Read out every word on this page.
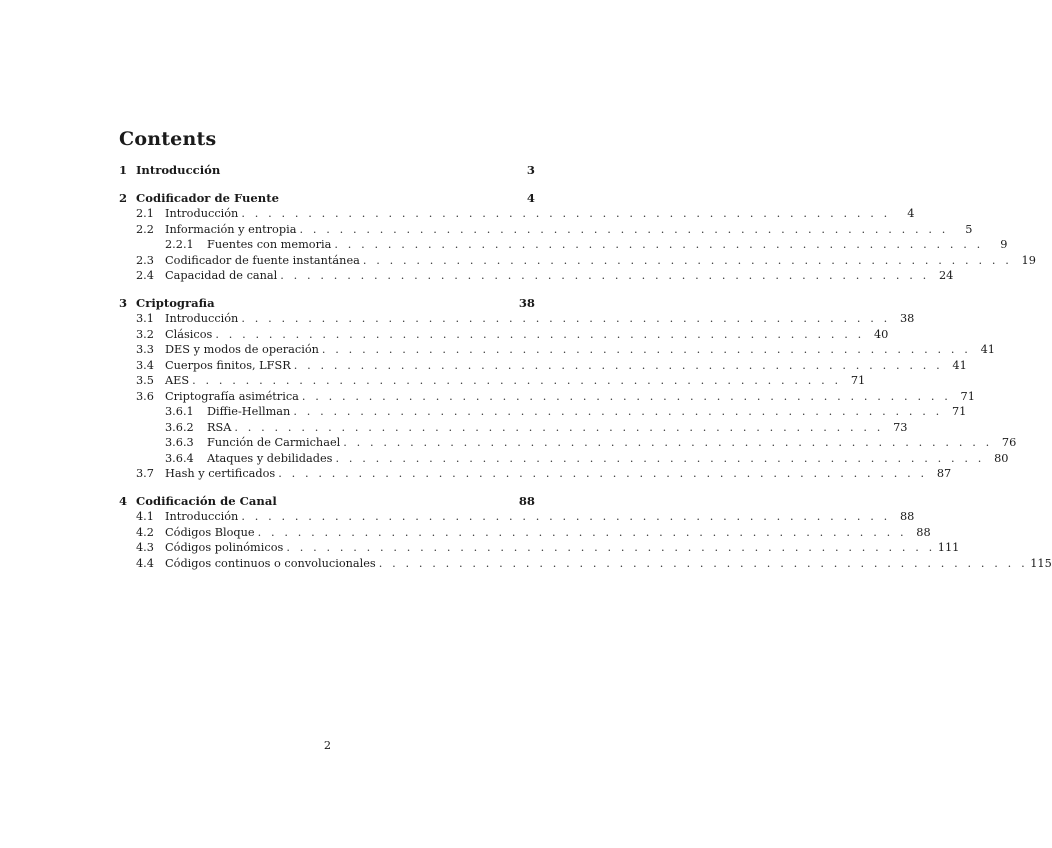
Contents
1 Introducción	3
2 Codificador de Fuente	4
2.1 Introducción . . . . . . . . . . . . . . . . . . . . . . . . . . . . . . . . . . . . . . . . . . . . . . . . .	4
2.2 Información y entropia . . . . . . . . . . . . . . . . . . . . . . . . . . . . . . . . . . . . . . . . . . . . . . . . .	5
2.2.1	Fuentes con memoria . . . . . . . . . . . . . . . . . . . . . . . . . . . . . . . . . . . . . . . . . . . . . . . . .	9
2.3 Codificador de fuente instantánea . . . . . . . . . . . . . . . . . . . . . . . . . . . . . . . . . . . . . . . . . . . . . . . . . 19
2.4 Capacidad de canal . . . . . . . . . . . . . . . . . . . . . . . . . . . . . . . . . . . . . . . . . . . . . . . . . 24
3 Criptografia	38
3.1 Introducción . . . . . . . . . . . . . . . . . . . . . . . . . . . . . . . . . . . . . . . . . . . . . . . . . 38
3.2 Clásicos . . . . . . . . . . . . . . . . . . . . . . . . . . . . . . . . . . . . . . . . . . . . . . . . . 40
3.3 DES y modos de operación . . . . . . . . . . . . . . . . . . . . . . . . . . . . . . . . . . . . . . . . . . . . . . . . . 41
3.4 Cuerpos finitos, LFSR . . . . . . . . . . . . . . . . . . . . . . . . . . . . . . . . . . . . . . . . . . . . . . . . . 41
3.5 AES . . . . . . . . . . . . . . . . . . . . . . . . . . . . . . . . . . . . . . . . . . . . . . . . . 71
3.6 Criptografía asimétrica . . . . . . . . . . . . . . . . . . . . . . . . . . . . . . . . . . . . . . . . . . . . . . . . . 71
3.6.1	Diffie-Hellman . . . . . . . . . . . . . . . . . . . . . . . . . . . . . . . . . . . . . . . . . . . . . . . . . 71
3.6.2	RSA . . . . . . . . . . . . . . . . . . . . . . . . . . . . . . . . . . . . . . . . . . . . . . . . . 73
3.6.3	Función de Carmichael . . . . . . . . . . . . . . . . . . . . . . . . . . . . . . . . . . . . . . . . . . . . . . . . . 76
3.6.4	Ataques y debilidades . . . . . . . . . . . . . . . . . . . . . . . . . . . . . . . . . . . . . . . . . . . . . . . . . 80
3.7 Hash y certificados . . . . . . . . . . . . . . . . . . . . . . . . . . . . . . . . . . . . . . . . . . . . . . . . . 87
4 Codificación de Canal	88
4.1 Introducción . . . . . . . . . . . . . . . . . . . . . . . . . . . . . . . . . . . . . . . . . . . . . . . . . 88
4.2 Códigos Bloque . . . . . . . . . . . . . . . . . . . . . . . . . . . . . . . . . . . . . . . . . . . . . . . . . 88
4.3 Códigos polinómicos . . . . . . . . . . . . . . . . . . . . . . . . . . . . . . . . . . . . . . . . . . . . . . . . . 111
4.4 Códigos continuos o convolucionales . . . . . . . . . . . . . . . . . . . . . . . . . . . . . . . . . . . . . . . . . . . . . . . . . 115
2
